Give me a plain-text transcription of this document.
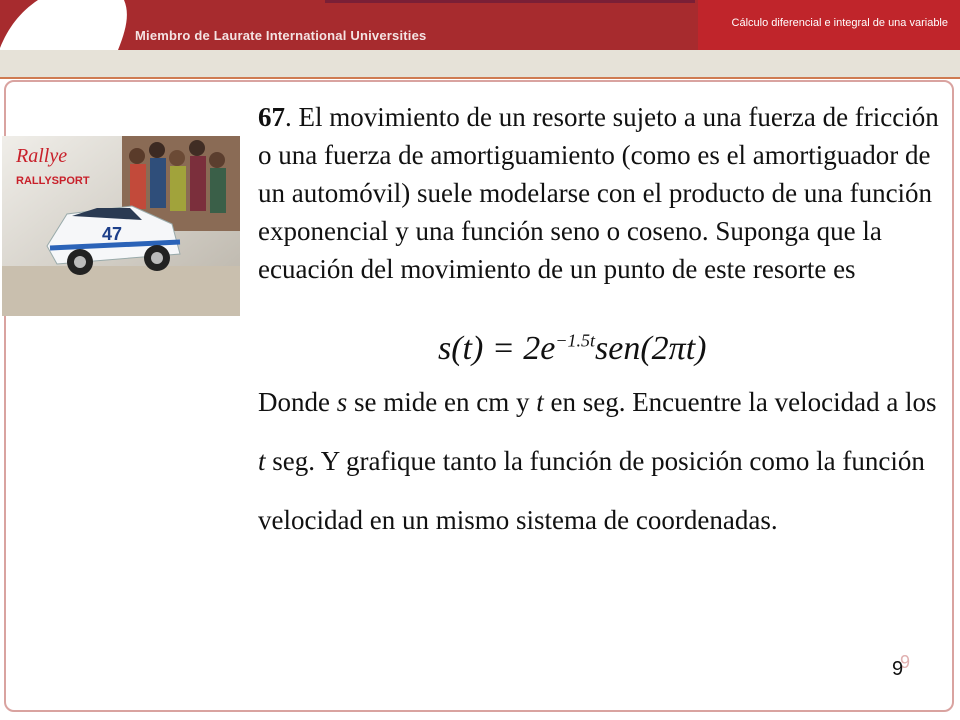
Miembro de Laurate International Universities
Cálculo diferencial e integral de una variable
47
Rallye
RALLYSPORT

67. El movimiento de un resorte sujeto a una fuerza de fricción o una fuerza de amortiguamiento (como es el amortiguador de un automóvil) suele modelarse con el producto de una función exponencial y una función seno o coseno. Suponga que la ecuación del movimiento de un punto de este resorte es

$s(t) = 2e^{-1.5t}sen(2\pi t)$

Donde s se mide en cm y t en seg. Encuentre la velocidad a los t seg. Y grafique tanto la función de posición como la función velocidad en un mismo sistema de coordenadas.

9
9
